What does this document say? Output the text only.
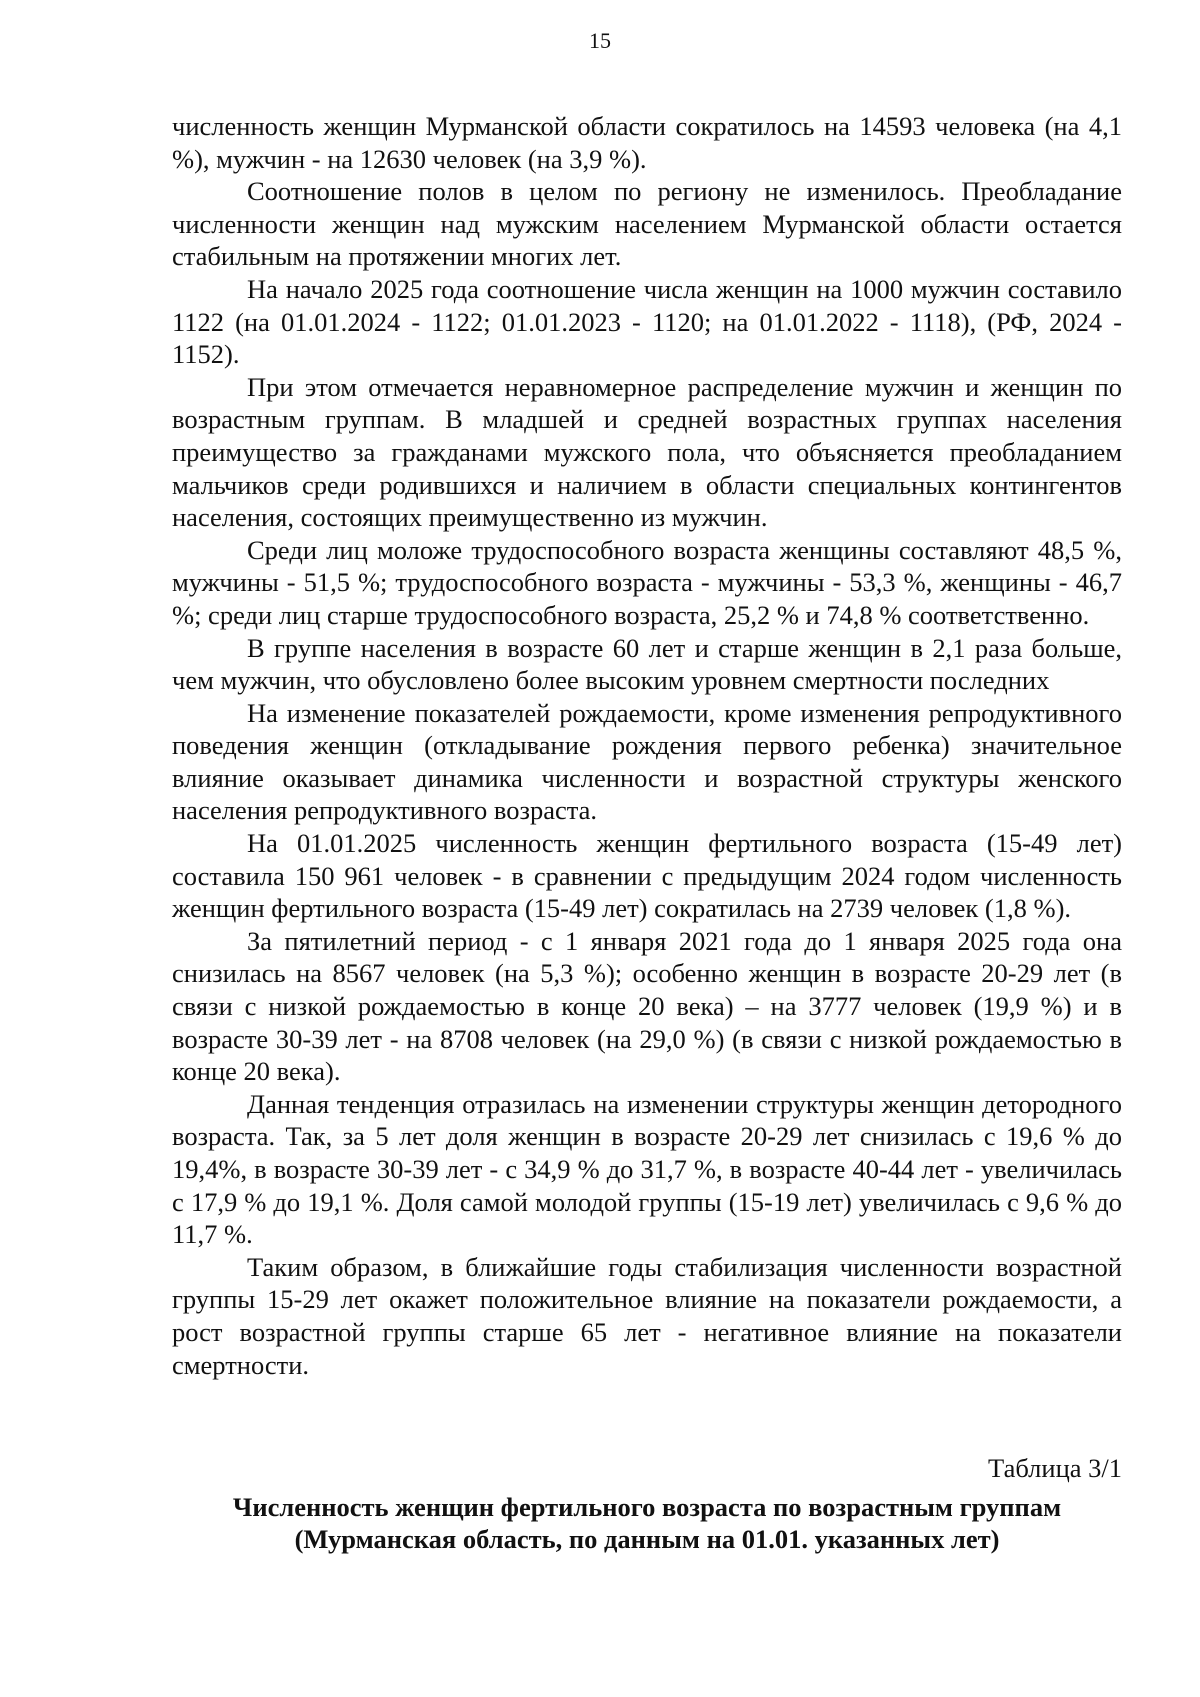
15

численность женщин Мурманской области сократилось на 14593 человека (на 4,1 %), мужчин - на 12630 человек (на 3,9 %).

Соотношение полов в целом по региону не изменилось. Преобладание численности женщин над мужским населением Мурманской области остается стабильным на протяжении многих лет.

На начало 2025 года соотношение числа женщин на 1000 мужчин составило 1122 (на 01.01.2024 - 1122; 01.01.2023 - 1120; на 01.01.2022 - 1118), (РФ, 2024 - 1152).

При этом отмечается неравномерное распределение мужчин и женщин по возрастным группам. В младшей и средней возрастных группах населения преимущество за гражданами мужского пола, что объясняется преобладанием мальчиков среди родившихся и наличием в области специальных контингентов населения, состоящих преимущественно из мужчин.

Среди лиц моложе трудоспособного возраста женщины составляют 48,5 %, мужчины - 51,5 %; трудоспособного возраста - мужчины - 53,3 %, женщины - 46,7 %; среди лиц старше трудоспособного возраста, 25,2 % и 74,8 % соответственно.

В группе населения в возрасте 60 лет и старше женщин в 2,1 раза больше, чем мужчин, что обусловлено более высоким уровнем смертности последних

На изменение показателей рождаемости, кроме изменения репродуктивного поведения женщин (откладывание рождения первого ребенка) значительное влияние оказывает динамика численности и возрастной структуры женского населения репродуктивного возраста.

На 01.01.2025 численность женщин фертильного возраста (15-49 лет) составила 150 961 человек - в сравнении с предыдущим 2024 годом численность женщин фертильного возраста (15-49 лет) сократилась на 2739 человек (1,8 %).

За пятилетний период - с 1 января 2021 года до 1 января 2025 года она снизилась на 8567 человек (на 5,3 %); особенно женщин в возрасте 20-29 лет (в связи с низкой рождаемостью в конце 20 века) – на 3777 человек (19,9 %) и в возрасте 30-39 лет - на 8708 человек (на 29,0 %) (в связи с низкой рождаемостью в конце 20 века).

Данная тенденция отразилась на изменении структуры женщин детородного возраста. Так, за 5 лет доля женщин в возрасте 20-29 лет снизилась с 19,6 % до 19,4%, в возрасте 30-39 лет - с 34,9 % до 31,7 %, в возрасте 40-44 лет - увеличилась с 17,9 % до 19,1 %. Доля самой молодой группы (15-19 лет) увеличилась с 9,6 % до 11,7 %.

Таким образом, в ближайшие годы стабилизация численности возрастной группы 15-29 лет окажет положительное влияние на показатели рождаемости, а рост возрастной группы старше 65 лет - негативное влияние на показатели смертности.

Таблица 3/1

Численность женщин фертильного возраста по возрастным группам
(Мурманская область, по данным на 01.01. указанных лет)
